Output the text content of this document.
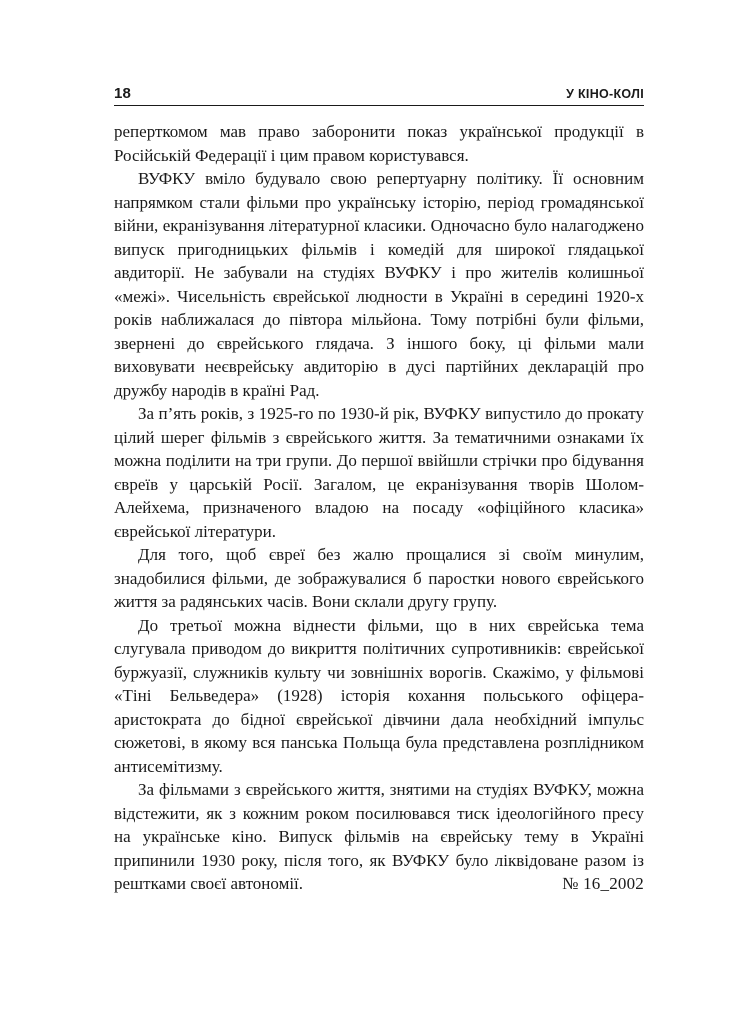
18	У КІНО-КОЛІ

реперткомом мав право заборонити показ української продукції в Російській Федерації і цим правом користувався.

ВУФКУ вміло будувало свою репертуарну політику. Її основним напрямком стали фільми про українську історію, період громадянської війни, екранізування літературної класики. Одночасно було налагоджено випуск пригодницьких фільмів і комедій для широкої глядацької авдиторії. Не забували на студіях ВУФКУ і про жителів колишньої «межі». Чисельність єврейської людности в Україні в середині 1920-х років наближалася до півтора мільйона. Тому потрібні були фільми, звернені до єврейського глядача. З іншого боку, ці фільми мали виховувати неєврейську авдиторію в дусі партійних декларацій про дружбу народів в країні Рад.

За п’ять років, з 1925-го по 1930-й рік, ВУФКУ випустило до прокату цілий шерег фільмів з єврейського життя. За тематичними ознаками їх можна поділити на три групи. До першої ввійшли стрічки про бідування євреїв у царській Росії. Загалом, це екранізування творів Шолом-Алейхема, призначеного владою на посаду «офіційного класика» єврейської літератури.

Для того, щоб євреї без жалю прощалися зі своїм минулим, знадобилися фільми, де зображувалися б паростки нового єврейського життя за радянських часів. Вони склали другу групу.

До третьої можна віднести фільми, що в них єврейська тема слугувала приводом до викриття політичних супротивників: єврейської буржуазії, служників культу чи зовнішніх ворогів. Скажімо, у фільмові «Тіні Бельведера» (1928) історія кохання польського офіцера-аристократа до бідної єврейської дівчини дала необхідний імпульс сюжетові, в якому вся панська Польща була представлена розплідником антисемітизму.

За фільмами з єврейського життя, знятими на студіях ВУФКУ, можна відстежити, як з кожним роком посилювався тиск ідеологійного пресу на українське кіно. Випуск фільмів на єврейську тему в Україні припинили 1930 року, після того, як ВУФКУ було ліквідоване разом із рештками своєї автономії.	№ 16_2002
